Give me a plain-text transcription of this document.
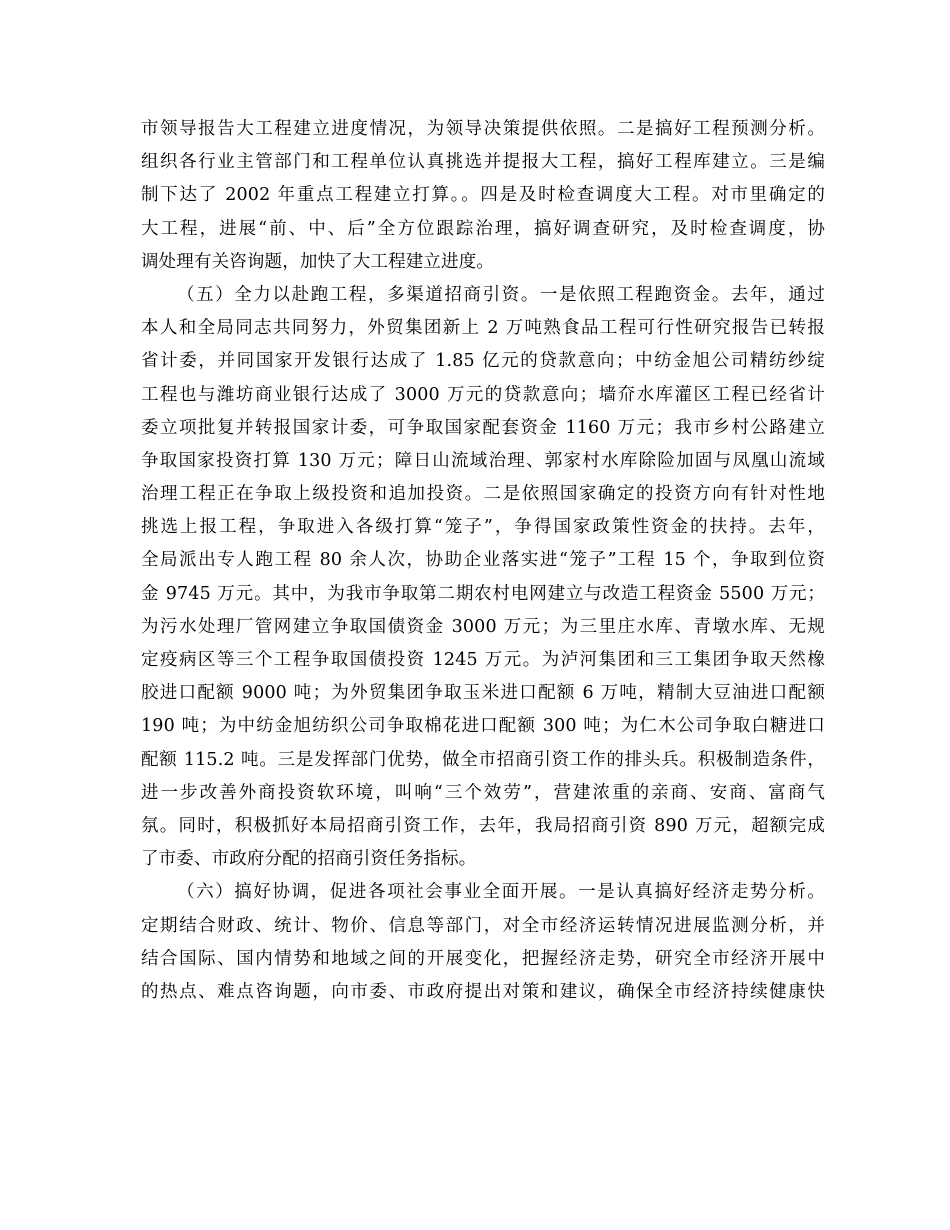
市领导报告大工程建立进度情况，为领导决策提供依照。二是搞好工程预测分析。
组织各行业主管部门和工程单位认真挑选并提报大工程，搞好工程库建立。三是编
制下达了 2002 年重点工程建立打算。。四是及时检查调度大工程。对市里确定的
大工程，进展“前、中、后”全方位跟踪治理，搞好调查研究，及时检查调度，协
调处理有关咨询题，加快了大工程建立进度。
（五）全力以赴跑工程，多渠道招商引资。一是依照工程跑资金。去年，通过
本人和全局同志共同努力，外贸集团新上 2 万吨熟食品工程可行性研究报告已转报
省计委，并同国家开发银行达成了 1.85 亿元的贷款意向；中纺金旭公司精纺纱绽
工程也与潍坊商业银行达成了 3000 万元的贷款意向；墙夼水库灌区工程已经省计
委立项批复并转报国家计委，可争取国家配套资金 1160 万元；我市乡村公路建立
争取国家投资打算 130 万元；障日山流域治理、郭家村水库除险加固与凤凰山流域
治理工程正在争取上级投资和追加投资。二是依照国家确定的投资方向有针对性地
挑选上报工程，争取进入各级打算“笼子”，争得国家政策性资金的扶持。去年，
全局派出专人跑工程 80 余人次，协助企业落实进“笼子”工程 15 个，争取到位资
金 9745 万元。其中，为我市争取第二期农村电网建立与改造工程资金 5500 万元；
为污水处理厂管网建立争取国债资金 3000 万元；为三里庄水库、青墩水库、无规
定疫病区等三个工程争取国债投资 1245 万元。为泸河集团和三工集团争取天然橡
胶进口配额 9000 吨；为外贸集团争取玉米进口配额 6 万吨，精制大豆油进口配额
190 吨；为中纺金旭纺织公司争取棉花进口配额 300 吨；为仁木公司争取白糖进口
配额 115.2 吨。三是发挥部门优势，做全市招商引资工作的排头兵。积极制造条件，
进一步改善外商投资软环境，叫响“三个效劳”，营建浓重的亲商、安商、富商气
氛。同时，积极抓好本局招商引资工作，去年，我局招商引资 890 万元，超额完成
了市委、市政府分配的招商引资任务指标。
（六）搞好协调，促进各项社会事业全面开展。一是认真搞好经济走势分析。
定期结合财政、统计、物价、信息等部门，对全市经济运转情况进展监测分析，并
结合国际、国内情势和地域之间的开展变化，把握经济走势，研究全市经济开展中
的热点、难点咨询题，向市委、市政府提出对策和建议，确保全市经济持续健康快
